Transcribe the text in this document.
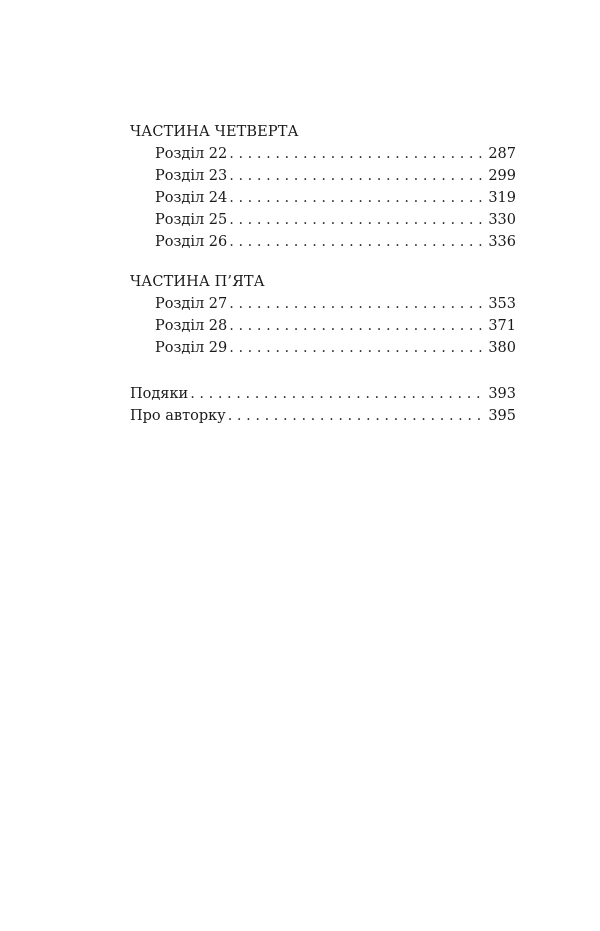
ЧАСТИНА ЧЕТВЕРТА
Розділ 22 . . .	287
Розділ 23 . . .	299
Розділ 24 . . .	319
Розділ 25 . . .	330
Розділ 26 . . .	336
ЧАСТИНА П’ЯТА
Розділ 27 . . .	353
Розділ 28 . . .	371
Розділ 29 . . .	380
Подяки . . .	393
Про авторку . . .	395
